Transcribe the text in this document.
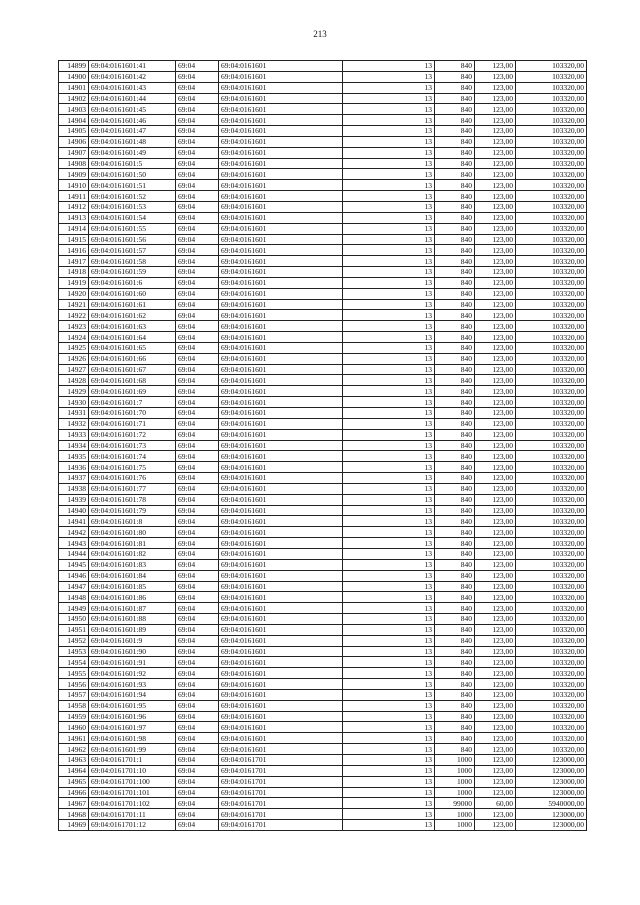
213
14899	69:04:0161601:41	69:04	69:04:0161601	13	840	123,00	103320,00
14900	69:04:0161601:42	69:04	69:04:0161601	13	840	123,00	103320,00
14901	69:04:0161601:43	69:04	69:04:0161601	13	840	123,00	103320,00
14902	69:04:0161601:44	69:04	69:04:0161601	13	840	123,00	103320,00
14903	69:04:0161601:45	69:04	69:04:0161601	13	840	123,00	103320,00
14904	69:04:0161601:46	69:04	69:04:0161601	13	840	123,00	103320,00
14905	69:04:0161601:47	69:04	69:04:0161601	13	840	123,00	103320,00
14906	69:04:0161601:48	69:04	69:04:0161601	13	840	123,00	103320,00
14907	69:04:0161601:49	69:04	69:04:0161601	13	840	123,00	103320,00
14908	69:04:0161601:5	69:04	69:04:0161601	13	840	123,00	103320,00
14909	69:04:0161601:50	69:04	69:04:0161601	13	840	123,00	103320,00
14910	69:04:0161601:51	69:04	69:04:0161601	13	840	123,00	103320,00
14911	69:04:0161601:52	69:04	69:04:0161601	13	840	123,00	103320,00
14912	69:04:0161601:53	69:04	69:04:0161601	13	840	123,00	103320,00
14913	69:04:0161601:54	69:04	69:04:0161601	13	840	123,00	103320,00
14914	69:04:0161601:55	69:04	69:04:0161601	13	840	123,00	103320,00
14915	69:04:0161601:56	69:04	69:04:0161601	13	840	123,00	103320,00
14916	69:04:0161601:57	69:04	69:04:0161601	13	840	123,00	103320,00
14917	69:04:0161601:58	69:04	69:04:0161601	13	840	123,00	103320,00
14918	69:04:0161601:59	69:04	69:04:0161601	13	840	123,00	103320,00
14919	69:04:0161601:6	69:04	69:04:0161601	13	840	123,00	103320,00
14920	69:04:0161601:60	69:04	69:04:0161601	13	840	123,00	103320,00
14921	69:04:0161601:61	69:04	69:04:0161601	13	840	123,00	103320,00
14922	69:04:0161601:62	69:04	69:04:0161601	13	840	123,00	103320,00
14923	69:04:0161601:63	69:04	69:04:0161601	13	840	123,00	103320,00
14924	69:04:0161601:64	69:04	69:04:0161601	13	840	123,00	103320,00
14925	69:04:0161601:65	69:04	69:04:0161601	13	840	123,00	103320,00
14926	69:04:0161601:66	69:04	69:04:0161601	13	840	123,00	103320,00
14927	69:04:0161601:67	69:04	69:04:0161601	13	840	123,00	103320,00
14928	69:04:0161601:68	69:04	69:04:0161601	13	840	123,00	103320,00
14929	69:04:0161601:69	69:04	69:04:0161601	13	840	123,00	103320,00
14930	69:04:0161601:7	69:04	69:04:0161601	13	840	123,00	103320,00
14931	69:04:0161601:70	69:04	69:04:0161601	13	840	123,00	103320,00
14932	69:04:0161601:71	69:04	69:04:0161601	13	840	123,00	103320,00
14933	69:04:0161601:72	69:04	69:04:0161601	13	840	123,00	103320,00
14934	69:04:0161601:73	69:04	69:04:0161601	13	840	123,00	103320,00
14935	69:04:0161601:74	69:04	69:04:0161601	13	840	123,00	103320,00
14936	69:04:0161601:75	69:04	69:04:0161601	13	840	123,00	103320,00
14937	69:04:0161601:76	69:04	69:04:0161601	13	840	123,00	103320,00
14938	69:04:0161601:77	69:04	69:04:0161601	13	840	123,00	103320,00
14939	69:04:0161601:78	69:04	69:04:0161601	13	840	123,00	103320,00
14940	69:04:0161601:79	69:04	69:04:0161601	13	840	123,00	103320,00
14941	69:04:0161601:8	69:04	69:04:0161601	13	840	123,00	103320,00
14942	69:04:0161601:80	69:04	69:04:0161601	13	840	123,00	103320,00
14943	69:04:0161601:81	69:04	69:04:0161601	13	840	123,00	103320,00
14944	69:04:0161601:82	69:04	69:04:0161601	13	840	123,00	103320,00
14945	69:04:0161601:83	69:04	69:04:0161601	13	840	123,00	103320,00
14946	69:04:0161601:84	69:04	69:04:0161601	13	840	123,00	103320,00
14947	69:04:0161601:85	69:04	69:04:0161601	13	840	123,00	103320,00
14948	69:04:0161601:86	69:04	69:04:0161601	13	840	123,00	103320,00
14949	69:04:0161601:87	69:04	69:04:0161601	13	840	123,00	103320,00
14950	69:04:0161601:88	69:04	69:04:0161601	13	840	123,00	103320,00
14951	69:04:0161601:89	69:04	69:04:0161601	13	840	123,00	103320,00
14952	69:04:0161601:9	69:04	69:04:0161601	13	840	123,00	103320,00
14953	69:04:0161601:90	69:04	69:04:0161601	13	840	123,00	103320,00
14954	69:04:0161601:91	69:04	69:04:0161601	13	840	123,00	103320,00
14955	69:04:0161601:92	69:04	69:04:0161601	13	840	123,00	103320,00
14956	69:04:0161601:93	69:04	69:04:0161601	13	840	123,00	103320,00
14957	69:04:0161601:94	69:04	69:04:0161601	13	840	123,00	103320,00
14958	69:04:0161601:95	69:04	69:04:0161601	13	840	123,00	103320,00
14959	69:04:0161601:96	69:04	69:04:0161601	13	840	123,00	103320,00
14960	69:04:0161601:97	69:04	69:04:0161601	13	840	123,00	103320,00
14961	69:04:0161601:98	69:04	69:04:0161601	13	840	123,00	103320,00
14962	69:04:0161601:99	69:04	69:04:0161601	13	840	123,00	103320,00
14963	69:04:0161701:1	69:04	69:04:0161701	13	1000	123,00	123000,00
14964	69:04:0161701:10	69:04	69:04:0161701	13	1000	123,00	123000,00
14965	69:04:0161701:100	69:04	69:04:0161701	13	1000	123,00	123000,00
14966	69:04:0161701:101	69:04	69:04:0161701	13	1000	123,00	123000,00
14967	69:04:0161701:102	69:04	69:04:0161701	13	99000	60,00	5940000,00
14968	69:04:0161701:11	69:04	69:04:0161701	13	1000	123,00	123000,00
14969	69:04:0161701:12	69:04	69:04:0161701	13	1000	123,00	123000,00
